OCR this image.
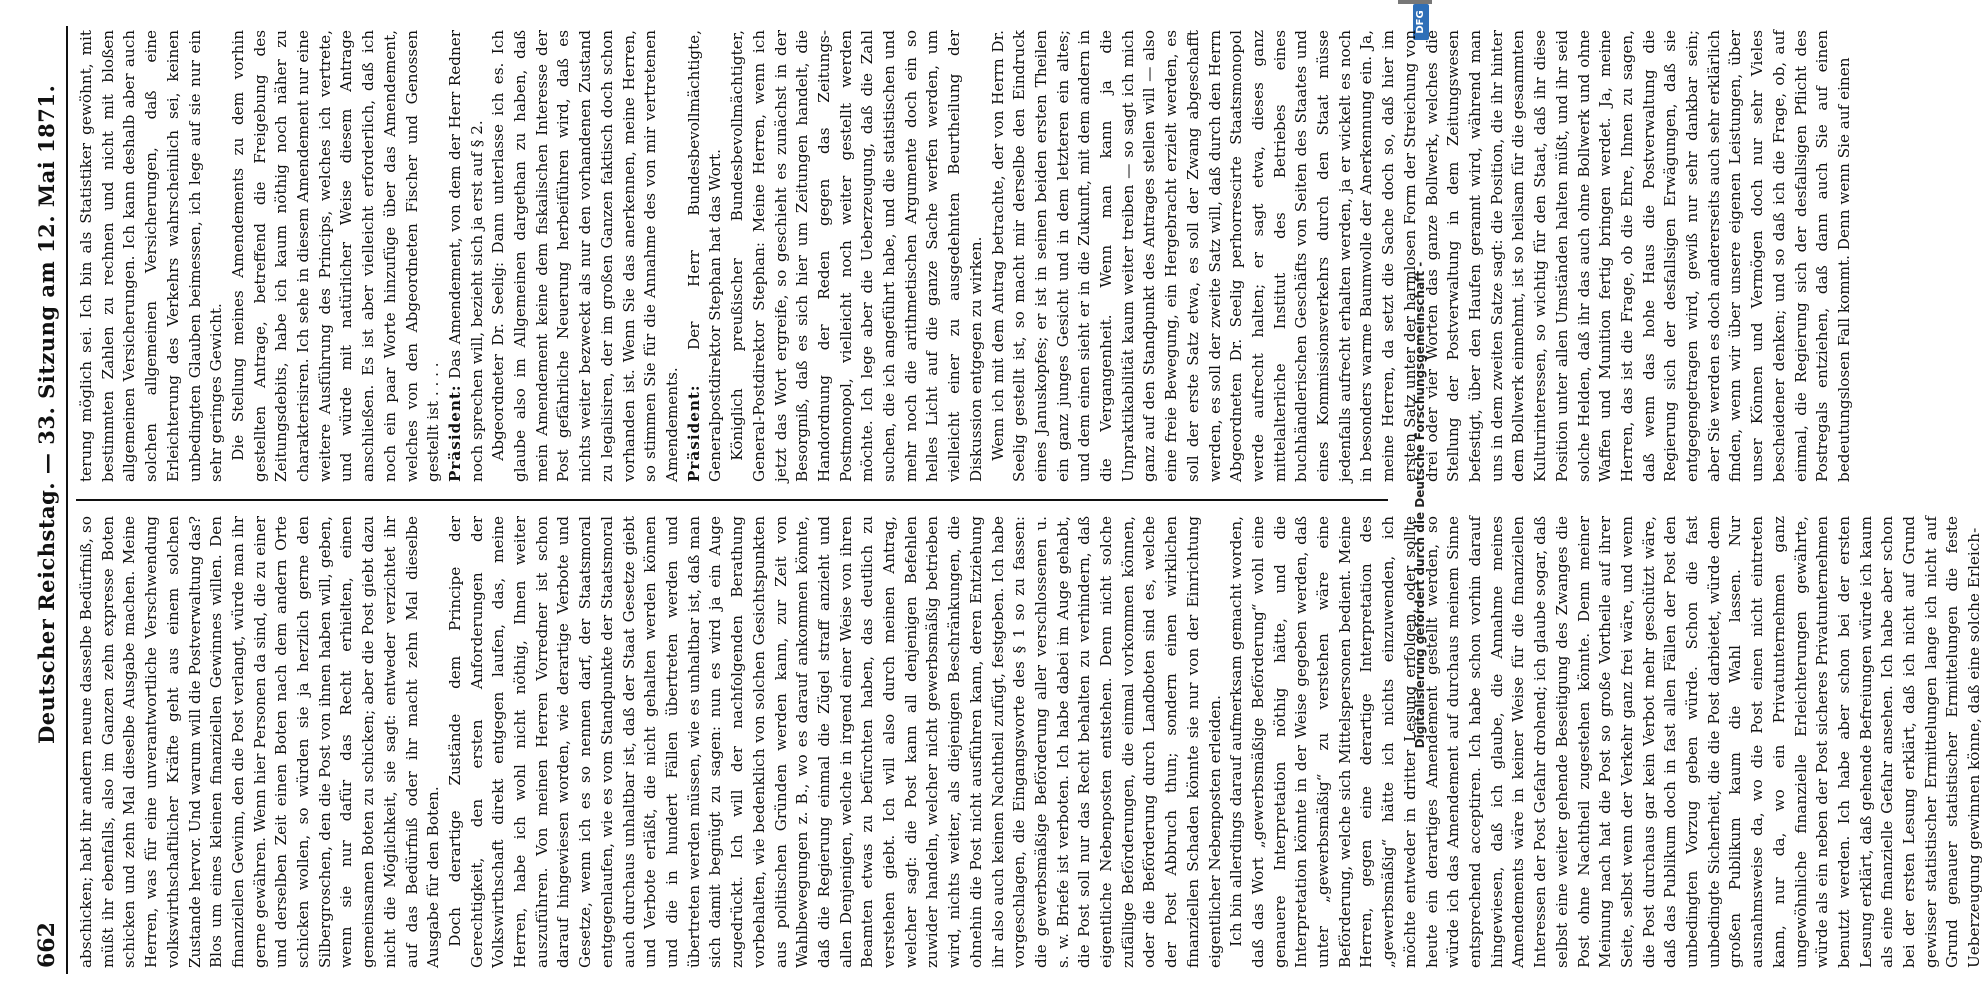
DFG
Digitalisierung gefördert durch die Deutsche Forschungsgemeinschaft -
662
Deutscher Reichstag. — 33. Sitzung am 12. Mai 1871. abschicken; habt ihr andern neune dasselbe Bedürfniß, so müßt ihr ebenfalls, also im Ganzen zehn expresse Boten schicken und zehn Mal dieselbe Ausgabe machen. Meine Herren, was für eine unverantwortliche Verschwendung volkswirthschaftlicher Kräfte geht aus einem solchen Zustande hervor. Und warum will die Postverwaltung das? Blos um eines kleinen finanziellen Gewinnes willen. Den finanziellen Gewinn, den die Post verlangt, würde man ihr gerne gewähren. Wenn hier Personen da sind, die zu einer und derselben Zeit einen Boten nach dem andern Orte schicken wollen, so würden sie ja herzlich gerne den Silbergroschen, den die Post von ihnen haben will, geben, wenn sie nur dafür das Recht erhielten, einen gemeinsamen Boten zu schicken; aber die Post giebt dazu nicht die Möglichkeit, sie sagt: entweder verzichtet ihr auf das Bedürfniß oder ihr macht zehn Mal dieselbe Ausgabe für den Boten. Doch derartige Zustände dem Principe der Gerechtigkeit, den ersten Anforderungen der Volkswirthschaft direkt entgegen laufen, das, meine Herren, habe ich wohl nicht nöthig, Ihnen weiter auszuführen. Von meinen Herren Vorredner ist schon darauf hingewiesen worden, wie derartige Verbote und Gesetze, wenn ich es so nennen darf, der Staatsmoral entgegenlaufen, wie es vom Standpunkte der Staatsmoral auch durchaus unhaltbar ist, daß der Staat Gesetze giebt und Verbote erläßt, die nicht gehalten werden können und die in hundert Fällen übertreten werden und übertreten werden müssen, wie es unhaltbar ist, daß man sich damit begnügt zu sagen: nun es wird ja ein Auge zugedrückt. Ich will der nachfolgenden Berathung vorbehalten, wie bedenklich von solchen Gesichtspunkten aus politischen Gründen werden kann, zur Zeit von Wahlbewegungen z. B., wo es darauf ankommen könnte, daß die Regierung einmal die Zügel straff anzieht und allen Denjenigen, welche in irgend einer Weise von ihren Beamten etwas zu befürchten haben, das deutlich zu verstehen giebt. Ich will also durch meinen Antrag, welcher sagt: die Post kann all denjenigen Befehlen zuwider handeln, welcher nicht gewerbsmäßig betrieben wird, nichts weiter, als diejenigen Beschränkungen, die ohnehin die Post nicht ausführen kann, deren Entziehung ihr also auch keinen Nachtheil zufügt, festgeben. Ich habe vorgeschlagen, die Eingangsworte des § 1 so zu fassen: die gewerbsmäßige Beförderung aller verschlossenen u. s. w. Briefe ist verboten. Ich habe dabei im Auge gehabt, die Post soll nur das Recht behalten zu verhindern, daß eigentliche Nebenposten entstehen. Denn nicht solche zufällige Beförderungen, die einmal vorkommen können, oder die Beförderung durch Landboten sind es, welche der Post Abbruch thun; sondern einen wirklichen finanziellen Schaden könnte sie nur von der Einrichtung eigentlicher Nebenposten erleiden. Ich bin allerdings darauf aufmerksam gemacht worden, daß das Wort „gewerbsmäßige Beförderung“ wohl eine genauere Interpretation nöthig hätte, und die Interpretation könnte in der Weise gegeben werden, daß unter „gewerbsmäßig“ zu verstehen wäre eine Beförderung, welche sich Mittelspersonen bedient. Meine Herren, gegen eine derartige Interpretation des „gewerbsmäßig“ hätte ich nichts einzuwenden, ich möchte entweder in dritter Lesung erfolgen, oder sollte heute ein derartiges Amendement gestellt werden, so würde ich das Amendement auf durchaus meinem Sinne entsprechend acceptiren. Ich habe schon vorhin darauf hingewiesen, daß ich glaube, die Annahme meines Amendements wäre in keiner Weise für die finanziellen Interessen der Post Gefahr drohend; ich glaube sogar, daß selbst eine weiter gehende Beseitigung des Zwanges die Post ohne Nachtheil zugestehen könnte. Denn meiner Meinung nach hat die Post so große Vortheile auf ihrer Seite, selbst wenn der Verkehr ganz frei wäre, und wenn die Post durchaus gar kein Verbot mehr geschützt wäre, daß das Publikum doch in fast allen Fällen der Post den unbedingten Vorzug geben würde. Schon die fast unbedingte Sicherheit, die die Post darbietet, würde dem großen Publikum kaum die Wahl lassen. Nur ausnahmsweise da, wo die Post einen nicht eintreten kann, nur da, wo ein Privatunternehmen ganz ungewöhnliche finanzielle Erleichterungen gewährte, würde als ein neben der Post sicheres Privatunternehmen benutzt werden. Ich habe aber schon bei der ersten Lesung erklärt, daß gehende Befreiungen würde ich kaum als eine finanzielle Gefahr ansehen. Ich habe aber schon bei der ersten Lesung erklärt, daß ich nicht auf Grund gewisser statistischer Ermittelungen lange ich nicht auf Grund genauer statistischer Ermittelungen die feste Ueberzeugung gewinnen könne, daß eine solche Erleich-

terung möglich sei. Ich bin als Statistiker gewöhnt, mit bestimmten Zahlen zu rechnen und nicht mit bloßen allgemeinen Versicherungen. Ich kann deshalb aber auch solchen allgemeinen Versicherungen, daß eine Erleichterung des Verkehrs wahrscheinlich sei, keinen unbedingten Glauben beimessen, ich lege auf sie nur ein sehr geringes Gewicht. Die Stellung meines Amendements zu dem vorhin gestellten Antrage, betreffend die Freigebung des Zeitungsdebits, habe ich kaum nöthig noch näher zu charakterisiren. Ich sehe in diesem Amendement nur eine weitere Ausführung des Princips, welches ich vertrete, und würde mit natürlicher Weise diesem Antrage anschließen. Es ist aber vielleicht erforderlich, daß ich noch ein paar Worte hinzufüge über das Amendement, welches von den Abgeordneten Fischer und Genossen gestellt ist . . . . Präsident: Das Amendement, von dem der Herr Redner noch sprechen will, bezieht sich ja erst auf § 2. Abgeordneter Dr. Seelig: Dann unterlasse ich es. Ich glaube also im Allgemeinen dargethan zu haben, daß mein Amendement keine dem fiskalischen Interesse der Post gefährliche Neuerung herbeiführen wird, daß es nichts weiter bezweckt als nur den vorhandenen Zustand zu legalisiren, der im großen Ganzen faktisch doch schon vorhanden ist. Wenn Sie das anerkennen, meine Herren, so stimmen Sie für die Annahme des von mir vertretenen Amendements. Präsident: Der Herr Bundesbevollmächtigte, Generalpostdirektor Stephan hat das Wort. Königlich preußischer Bundesbevollmächtigter, General-Postdirektor Stephan: Meine Herren, wenn ich jetzt das Wort ergreife, so geschieht es zunächst in der Besorgniß, daß es sich hier um Zeitungen handelt, die Handordnung der Reden gegen das Zeitungs-Postmonopol, vielleicht noch weiter gestellt werden möchte. Ich lege aber die Ueberzeugung, daß die Zahl suchen, die ich angeführt habe, und die statistischen und mehr noch die arithmetischen Argumente doch ein so helles Licht auf die ganze Sache werfen werden, um vielleicht einer zu ausgedehnten Beurtheilung der Diskussion entgegen zu wirken. Wenn ich mit dem Antrag betrachte, der von Herrn Dr. Seelig gestellt ist, so macht mir derselbe den Eindruck eines Januskopfes; er ist in seinen beiden ersten Theilen ein ganz junges Gesicht und in dem letzteren ein altes; und dem einen sieht er in die Zukunft, mit dem andern in die Vergangenheit. Wenn man kann ja die Unpraktikabilität kaum weiter treiben — so sagt ich mich ganz auf den Standpunkt des Antrages stellen will — also eine freie Bewegung, ein Hergebracht erzielt werden, es soll der erste Satz etwa, es soll der Zwang abgeschafft werden, es soll der zweite Satz will, daß durch den Herrn Abgeordneten Dr. Seelig perhorrescirte Staatsmonopol werde aufrecht halten; er sagt etwa, dieses ganz mittelalterliche Institut des Betriebes eines buchhändlerischen Geschäfts von Seiten des Staates und eines Kommissionsverkehrs durch den Staat müsse jedenfalls aufrecht erhalten werden, ja er wickelt es noch in besonders warme Baumwolle der Anerkennung ein. Ja, meine Herren, da setzt die Sache doch so, daß hier im ersten Satz unter der harmlosen Form der Streichung von drei oder vier Worten das ganze Bollwerk, welches die Stellung der Postverwaltung in dem Zeitungswesen befestigt, über den Haufen gerannt wird, während man uns in dem zweiten Satze sagt: die Position, die ihr hinter dem Bollwerk einnehmt, ist so heilsam für die gesammten Kulturinteressen, so wichtig für den Staat, daß ihr diese Position unter allen Umständen halten müßt, und ihr seid solche Helden, daß ihr das auch ohne Bollwerk und ohne Waffen und Munition fertig bringen werdet. Ja, meine Herren, das ist die Frage, ob die Ehre, Ihnen zu sagen, daß wenn das hohe Haus die Postverwaltung die Regierung sich der desfallsigen Erwägungen, daß sie entgegengetragen wird, gewiß nur sehr dankbar sein; aber Sie werden es doch andererseits auch sehr erklärlich finden, wenn wir über unsere eigenen Leistungen, über unser Können und Vermögen doch nur sehr Vieles bescheidener denken; und so daß ich die Frage, ob, auf einmal, die Regierung sich der desfallsigen Pflicht des Postregals entziehen, daß dann auch Sie auf einen bedeutungslosen Fall kommt. Denn wenn Sie auf einen
